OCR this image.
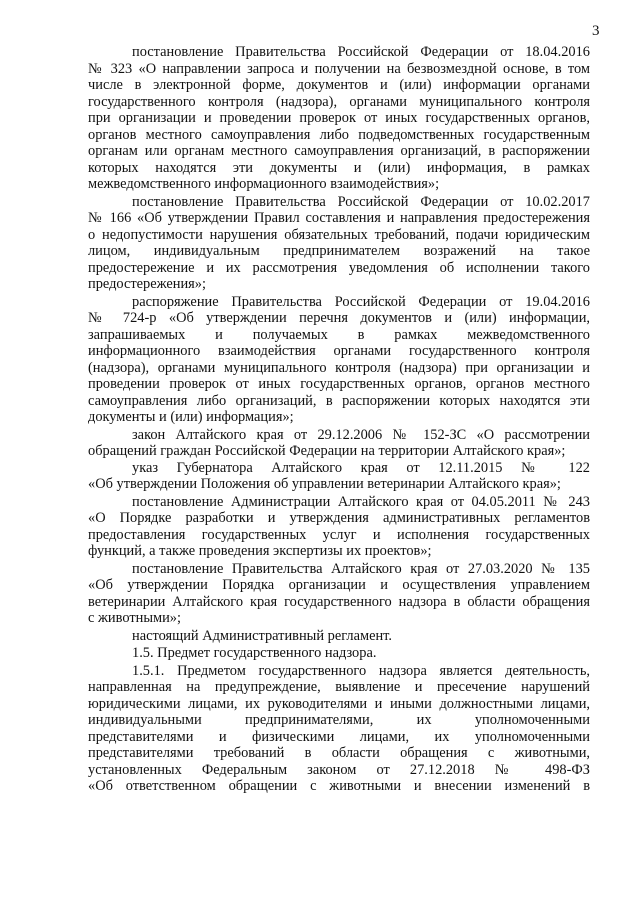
3
постановление Правительства Российской Федерации от 18.04.2016
№ 323 «О направлении запроса и получении на безвозмездной основе, в том
числе в электронной форме, документов и (или) информации органами
государственного контроля (надзора), органами муниципального контроля
при организации и проведении проверок от иных государственных органов,
органов местного самоуправления либо подведомственных государственным
органам или органам местного самоуправления организаций, в распоряжении
которых находятся эти документы и (или) информация, в рамках
межведомственного информационного взаимодействия»;
постановление Правительства Российской Федерации от 10.02.2017
№ 166 «Об утверждении Правил составления и направления предостережения
о недопустимости нарушения обязательных требований, подачи юридическим
лицом, индивидуальным предпринимателем возражений на такое
предостережение и их рассмотрения уведомления об исполнении такого
предостережения»;
распоряжение Правительства Российской Федерации от 19.04.2016
№ 724-р «Об утверждении перечня документов и (или) информации,
запрашиваемых и получаемых в рамках межведомственного
информационного взаимодействия органами государственного контроля
(надзора), органами муниципального контроля (надзора) при организации и
проведении проверок от иных государственных органов, органов местного
самоуправления либо организаций, в распоряжении которых находятся эти
документы и (или) информация»;
закон Алтайского края от 29.12.2006 № 152-ЗС «О рассмотрении
обращений граждан Российской Федерации на территории Алтайского края»;
указ Губернатора Алтайского края от 12.11.2015 № 122
«Об утверждении Положения об управлении ветеринарии Алтайского края»;
постановление Администрации Алтайского края от 04.05.2011 № 243
«О Порядке разработки и утверждения административных регламентов
предоставления государственных услуг и исполнения государственных
функций, а также проведения экспертизы их проектов»;
постановление Правительства Алтайского края от 27.03.2020 № 135
«Об утверждении Порядка организации и осуществления управлением
ветеринарии Алтайского края государственного надзора в области обращения
с животными»;
настоящий Административный регламент.
1.5. Предмет государственного надзора.
1.5.1. Предметом государственного надзора является деятельность,
направленная на предупреждение, выявление и пресечение нарушений
юридическими лицами, их руководителями и иными должностными лицами,
индивидуальными предпринимателями, их уполномоченными
представителями и физическими лицами, их уполномоченными
представителями требований в области обращения с животными,
установленных Федеральным законом от 27.12.2018 № 498-ФЗ
«Об ответственном обращении с животными и внесении изменений в
